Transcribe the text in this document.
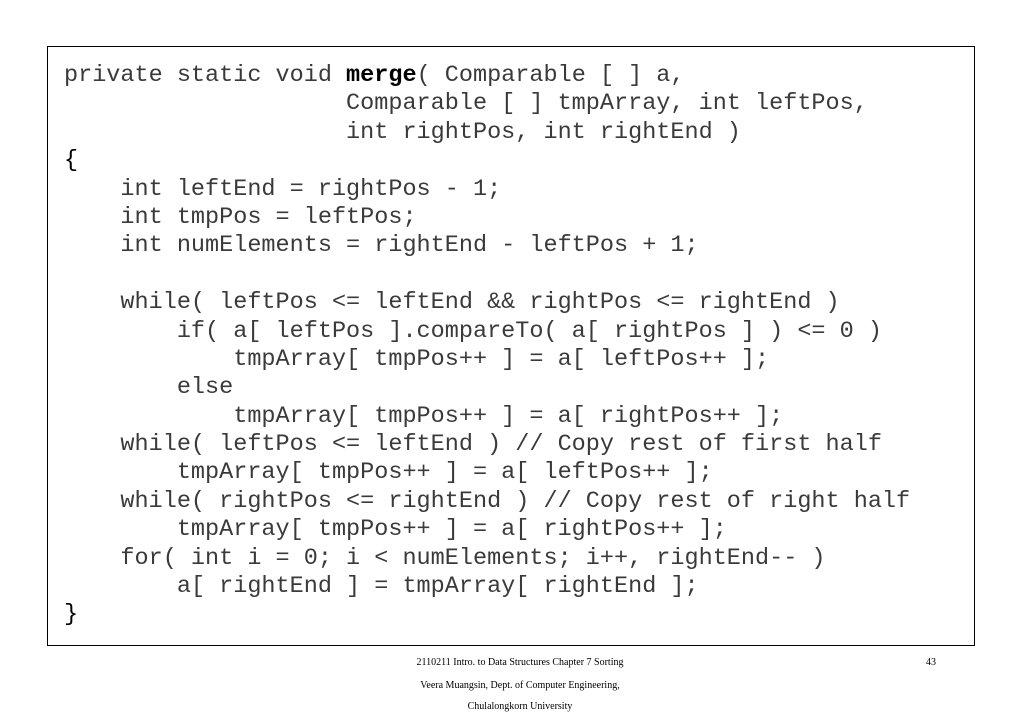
private static void merge( Comparable [ ] a,
Comparable [ ] tmpArray, int leftPos,
int rightPos, int rightEnd )
{
int leftEnd = rightPos - 1;
int tmpPos = leftPos;
int numElements = rightEnd - leftPos + 1;
while( leftPos <= leftEnd && rightPos <= rightEnd )
if( a[ leftPos ].compareTo( a[ rightPos ] ) <= 0 )
tmpArray[ tmpPos++ ] = a[ leftPos++ ];
else
tmpArray[ tmpPos++ ] = a[ rightPos++ ];
while( leftPos <= leftEnd ) // Copy rest of first half
tmpArray[ tmpPos++ ] = a[ leftPos++ ];
while( rightPos <= rightEnd ) // Copy rest of right half
tmpArray[ tmpPos++ ] = a[ rightPos++ ];
for( int i = 0; i < numElements; i++, rightEnd-- )
a[ rightEnd ] = tmpArray[ rightEnd ];
}
2110211 Intro. to Data Structures Chapter 7 Sorting
Veera Muangsin, Dept. of Computer Engineering,
Chulalongkorn University
43
